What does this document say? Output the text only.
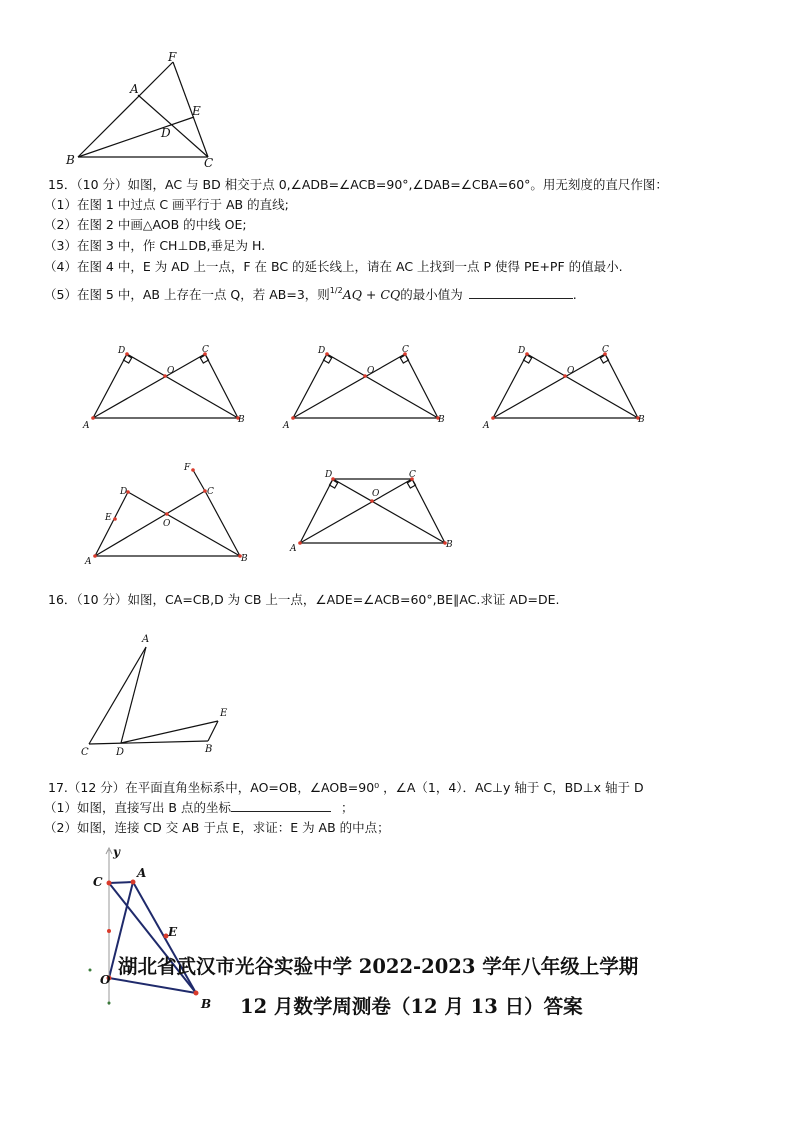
F
A
E
D
B	C
15．（10 分）如图，AC 与 BD 相交于点 0,∠ADB=∠ACB=90°,∠DAB=∠CBA=60°。用无刻度的直尺作图：
（1）在图 1 中过点 C 画平行于 AB 的直线;
（2）在图 2 中画△AOB 的中线 OE;
（3）在图 3 中，作 CH⊥DB,垂足为 H.
（4）在图 4 中，E 为 AD 上一点，F 在 BC 的延长线上，请在 AC 上找到一点 P 使得 PE+PF 的值最小.
（5）在图 5 中，AB 上存在一点 Q，若 AB=3，则1/2AQ + CQ的最小值为	.
A
B
C
D
O
A
B
C
D
O
A
B
C
D
O
A	B
C
D
E
F
O
A	B
C
D
O
16．（10 分）如图，CA=CB,D 为 CB 上一点，∠ADE=∠ACB=60°,BE∥AC.求证 AD=DE.
A
E
C	D	B
17.（12 分）在平面直角坐标系中，AO=OB，∠AOB=90⁰ ，∠A（1，4）．AC⊥y 轴于 C，BD⊥x 轴于 D
（1）如图，直接写出 B 点的坐标	；
（2）如图，连接 CD 交 AB 于点 E，求证：E 为 AB 的中点；
y
C
A
E
O
B
湖北省武汉市光谷实验中学 2022-2023 学年八年级上学期
12 月数学周测卷（12 月 13 日）答案
